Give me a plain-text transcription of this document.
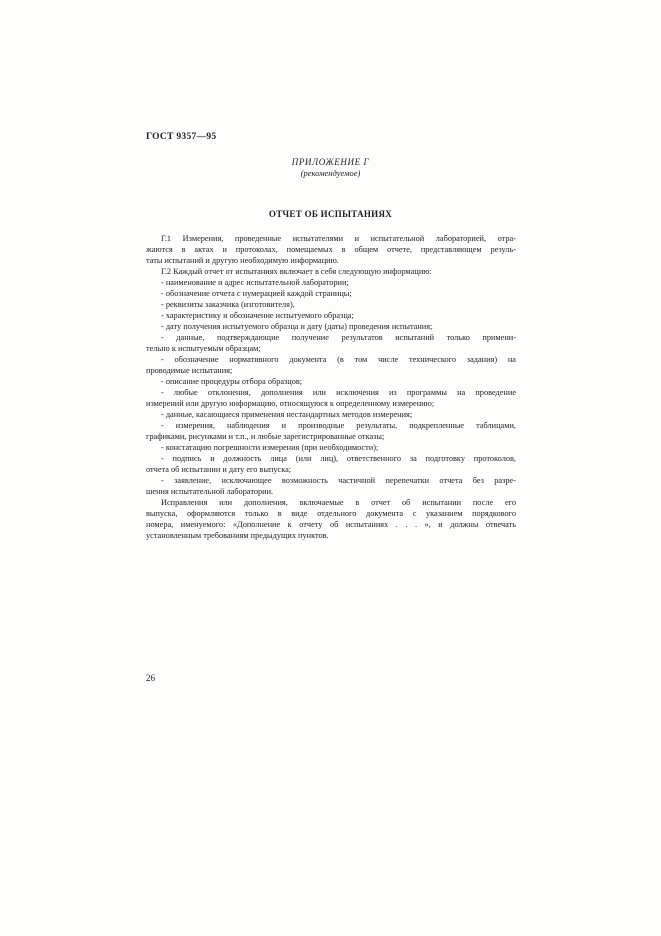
ГОСТ 9357—95
ПРИЛОЖЕНИЕ Г
(рекомендуемое)
ОТЧЕТ ОБ ИСПЫТАНИЯХ
Г.1 Измерения, проведенные испытателями и испытательной лабораторией, отра-
жаются в актах и протоколах, помещаемых в общем отчете, представляющем резуль-
таты испытаний и другую необходимую информацию.
Г.2 Каждый отчет от испытаниях включает в себя следующую информацию:
- наименование и адрес испытательной лаборатории;
- обозначение отчета с нумерацией каждой страницы;
- реквизиты заказчика (изготовителя),
- характеристику и обозначение испытуемого образца;
- дату получения испытуемого образца и дату (даты) проведения испытания;
- данные, подтверждающие получение результатов испытаний только примени-
тельно к испытуемым образцам;
- обозначение нормативного документа (в том числе технического задания) на
проводимые испытания;
- описание процедуры отбора образцов;
- любые отклонения, дополнения или исключения из программы на проведение
измерений или другую информацию, относящуюся к определенному измерению;
- данные, касающиеся применения нестандартных методов измерения;
- измерения, наблюдения и производные результаты, подкрепленные таблицами,
графиками, рисунками и т.п., и любые зарегистрированные отказы;
- констатацию погрешности измерения (при необходимости);
- подпись и должность лица (или лиц), ответственного за подготовку протоколов,
отчета об испытании и дату его выпуска;
- заявление, исключающее возможность частичной перепечатки отчета без разре-
шения испытательной лаборатории.
Исправления или дополнения, включаемые в отчет об испытании после его
выпуска, оформляются только в виде отдельного документа с указанием порядкового
номера, именуемого: «Дополнение к отчету об испытаниях . . . », и должны отвечать
установленным требованиям предыдущих пунктов.
26
